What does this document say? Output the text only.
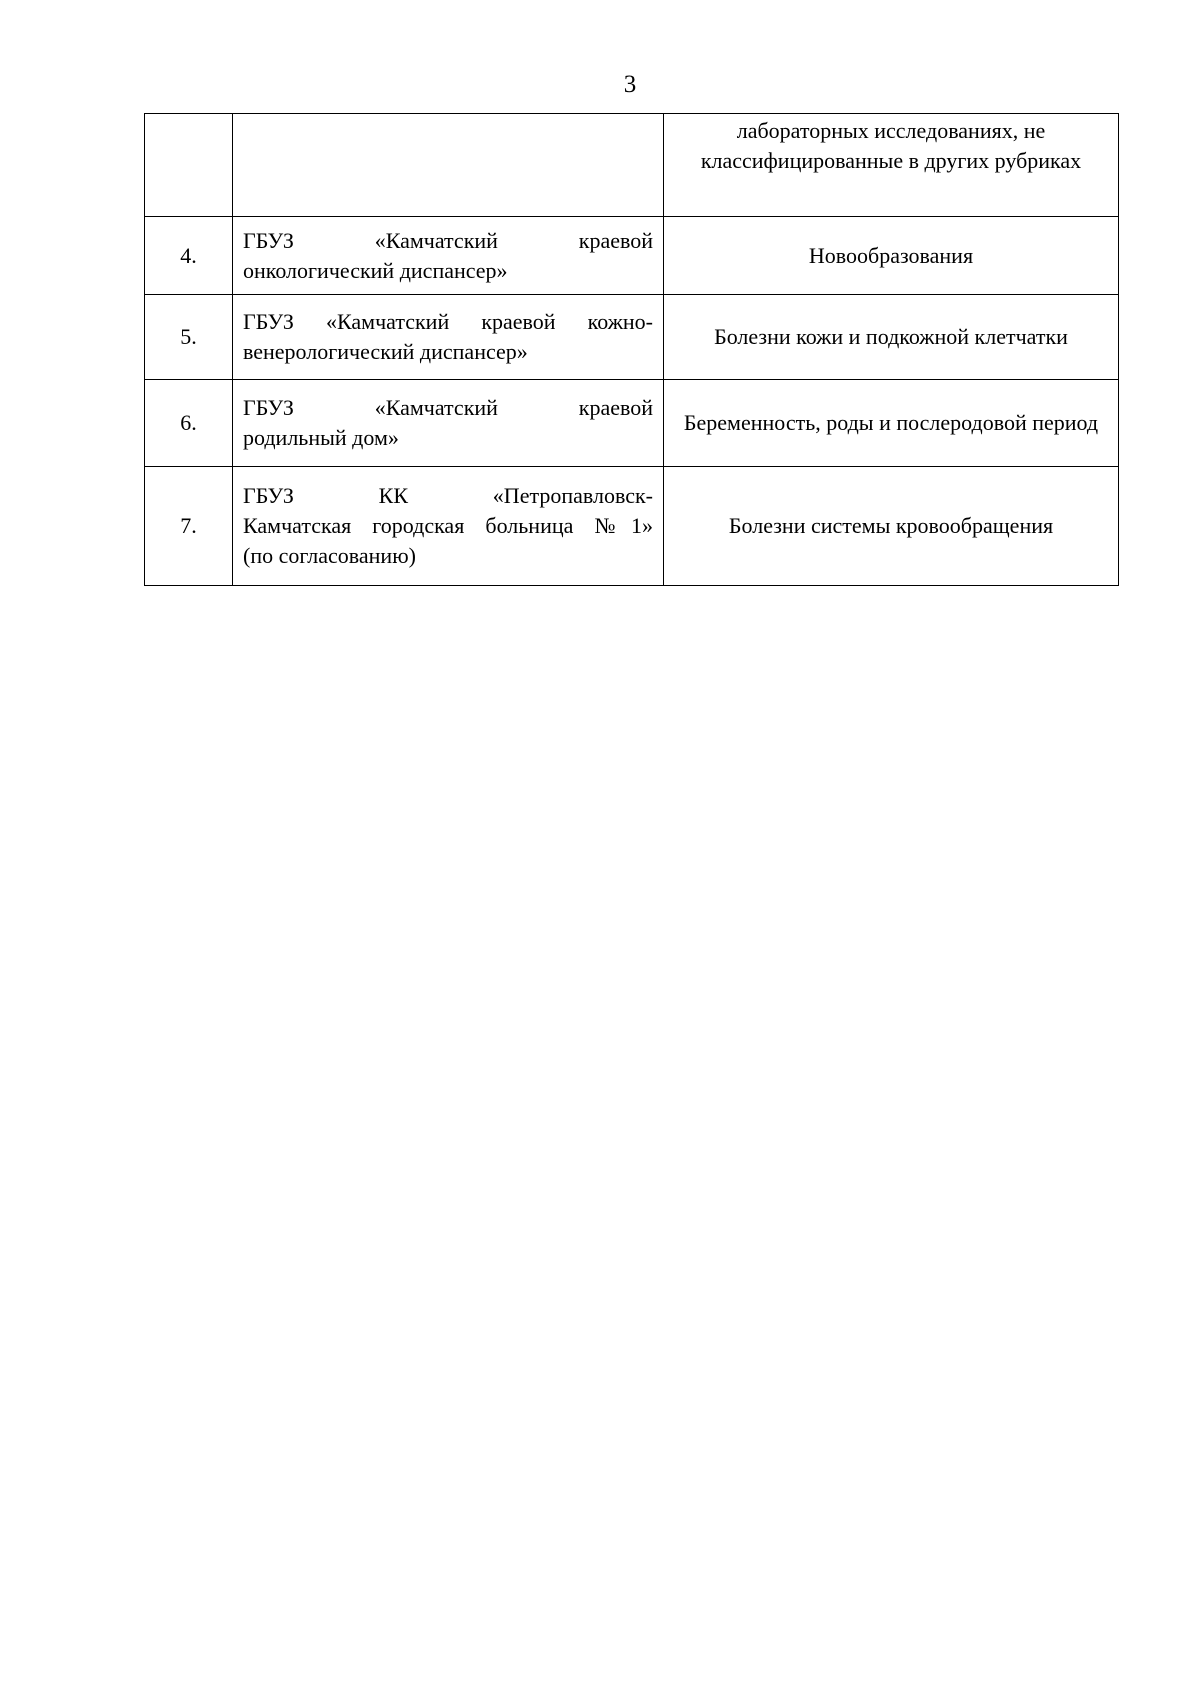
3

		лабораторных исследованиях, не
классифицированные в других рубриках

4.	ГБУЗ «Камчатский краевой
онкологический диспансер»	Новообразования
5.	ГБУЗ «Камчатский краевой кожно-
венерологический диспансер»	Болезни кожи и подкожной клетчатки
6.	ГБУЗ «Камчатский краевой
родильный дом»	Беременность, роды и послеродовой период
7.	ГБУЗ КК «Петропавловск-
Камчатская городская больница №1»
(по согласованию)	Болезни системы кровообращения
